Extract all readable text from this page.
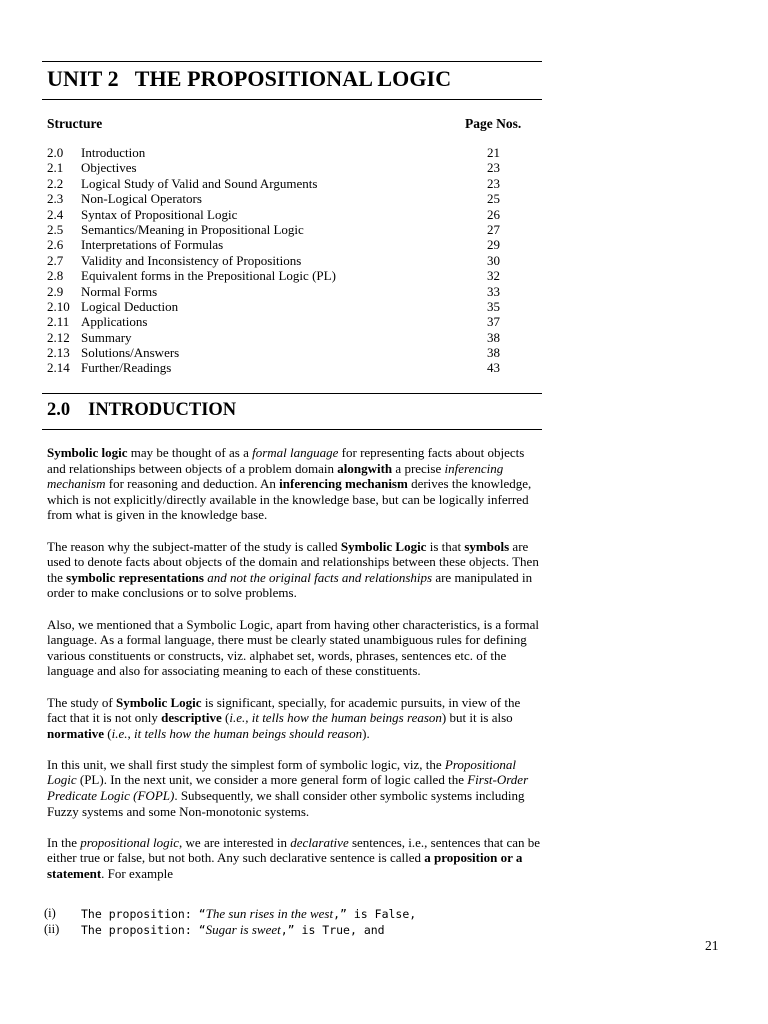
UNIT 2 THE PROPOSITIONAL LOGIC
Structure	Page Nos.
2.0 Introduction	21
2.1 Objectives	23
2.2 Logical Study of Valid and Sound Arguments	23
2.3 Non-Logical Operators	25
2.4 Syntax of Propositional Logic	26
2.5 Semantics/Meaning in Propositional Logic	27
2.6 Interpretations of Formulas	29
2.7 Validity and Inconsistency of Propositions	30
2.8 Equivalent forms in the Prepositional Logic (PL)	32
2.9 Normal Forms	33
2.10 Logical Deduction	35
2.11 Applications	37
2.12 Summary	38
2.13 Solutions/Answers	38
2.14 Further/Readings	43
2.0 INTRODUCTION

Symbolic logic may be thought of as a formal language for representing facts about objects and relationships between objects of a problem domain alongwith a precise inferencing mechanism for reasoning and deduction. An inferencing mechanism derives the knowledge, which is not explicitly/directly available in the knowledge base, but can be logically inferred from what is given in the knowledge base.

The reason why the subject-matter of the study is called Symbolic Logic is that symbols are used to denote facts about objects of the domain and relationships between these objects. Then the symbolic representations and not the original facts and relationships are manipulated in order to make conclusions or to solve problems.

Also, we mentioned that a Symbolic Logic, apart from having other characteristics, is a formal language. As a formal language, there must be clearly stated unambiguous rules for defining various constituents or constructs, viz. alphabet set, words, phrases, sentences etc. of the language and also for associating meaning to each of these constituents.

The study of Symbolic Logic is significant, specially, for academic pursuits, in view of the fact that it is not only descriptive (i.e., it tells how the human beings reason) but it is also normative (i.e., it tells how the human beings should reason).

In this unit, we shall first study the simplest form of symbolic logic, viz, the Propositional Logic (PL). In the next unit, we consider a more general form of logic called the First-Order Predicate Logic (FOPL). Subsequently, we shall consider other symbolic systems including Fuzzy systems and some Non-monotonic systems.

In the propositional logic, we are interested in declarative sentences, i.e., sentences that can be either true or false, but not both. Any such declarative sentence is called a proposition or a statement. For example

(i) The proposition: “The sun rises in the west,” is False,
(ii) The proposition: “Sugar is sweet,” is True, and
21
